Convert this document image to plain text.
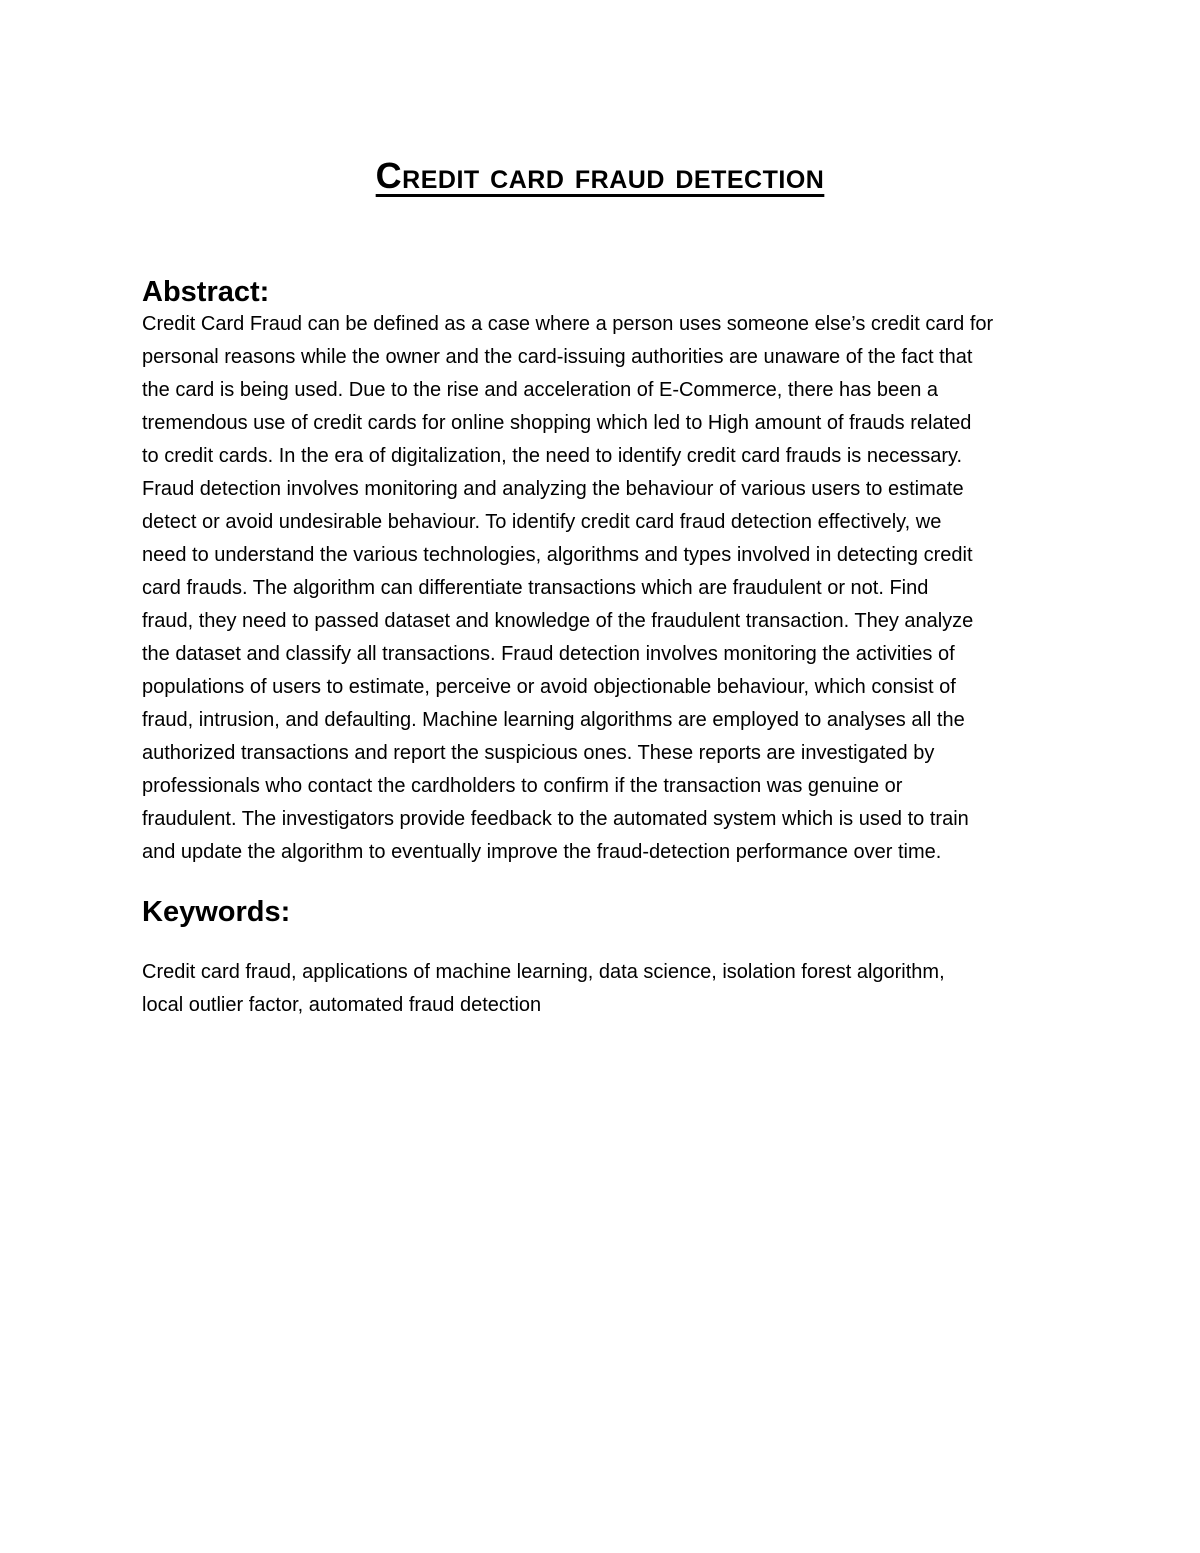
Credit card fraud detection
Abstract:

Credit Card Fraud can be defined as a case where a person uses someone else’s credit card for
personal reasons while the owner and the card-issuing authorities are unaware of the fact that
the card is being used. Due to the rise and acceleration of E-Commerce, there has been a
tremendous use of credit cards for online shopping which led to High amount of frauds related
to credit cards. In the era of digitalization, the need to identify credit card frauds is necessary.
Fraud detection involves monitoring and analyzing the behaviour of various users to estimate
detect or avoid undesirable behaviour. To identify credit card fraud detection effectively, we
need to understand the various technologies, algorithms and types involved in detecting credit
card frauds. The algorithm can differentiate transactions which are fraudulent or not. Find
fraud, they need to passed dataset and knowledge of the fraudulent transaction. They analyze
the dataset and classify all transactions. Fraud detection involves monitoring the activities of
populations of users to estimate, perceive or avoid objectionable behaviour, which consist of
fraud, intrusion, and defaulting. Machine learning algorithms are employed to analyses all the
authorized transactions and report the suspicious ones. These reports are investigated by
professionals who contact the cardholders to confirm if the transaction was genuine or
fraudulent. The investigators provide feedback to the automated system which is used to train
and update the algorithm to eventually improve the fraud-detection performance over time.

Keywords:

Credit card fraud, applications of machine learning, data science, isolation forest algorithm,
local outlier factor, automated fraud detection
